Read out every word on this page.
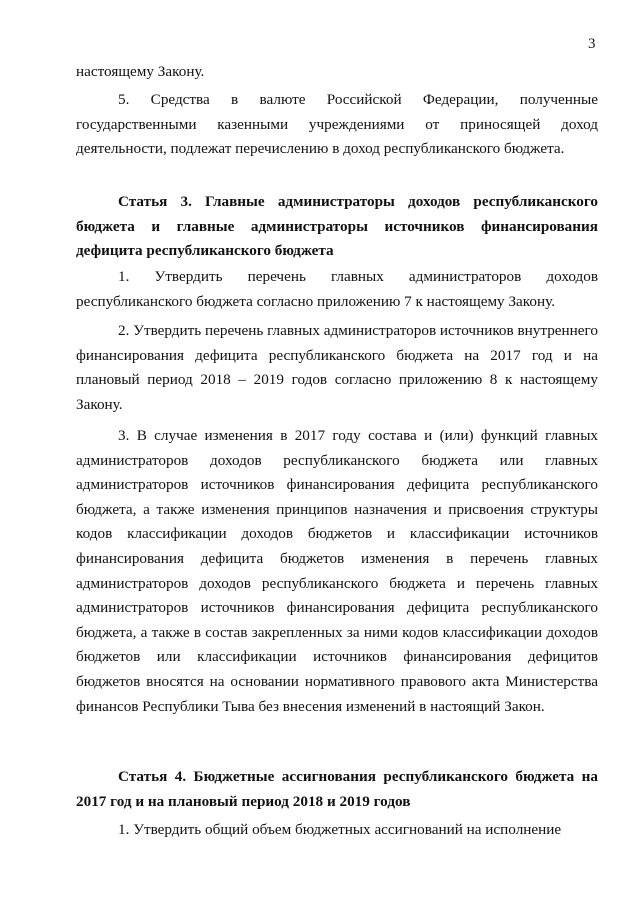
3
настоящему Закону.
5. Средства в валюте Российской Федерации, полученные государственными казенными учреждениями от приносящей доход деятельности, подлежат перечислению в доход республиканского бюджета.
Статья 3. Главные администраторы доходов республиканского бюджета и главные администраторы источников финансирования дефицита республиканского бюджета
1. Утвердить перечень главных администраторов доходов республиканского бюджета согласно приложению 7 к настоящему Закону.
2. Утвердить перечень главных администраторов источников внутреннего финансирования дефицита республиканского бюджета на 2017 год и на плановый период 2018 – 2019 годов согласно приложению 8 к настоящему Закону.
3. В случае изменения в 2017 году состава и (или) функций главных администраторов доходов республиканского бюджета или главных администраторов источников финансирования дефицита республиканского бюджета, а также изменения принципов назначения и присвоения структуры кодов классификации доходов бюджетов и классификации источников финансирования дефицита бюджетов изменения в перечень главных администраторов доходов республиканского бюджета и перечень главных администраторов источников финансирования дефицита республиканского бюджета, а также в состав закрепленных за ними кодов классификации доходов бюджетов или классификации источников финансирования дефицитов бюджетов вносятся на основании нормативного правового акта Министерства финансов Республики Тыва без внесения изменений в настоящий Закон.
Статья 4. Бюджетные ассигнования республиканского бюджета на 2017 год и на плановый период 2018 и 2019 годов
1. Утвердить общий объем бюджетных ассигнований на исполнение
